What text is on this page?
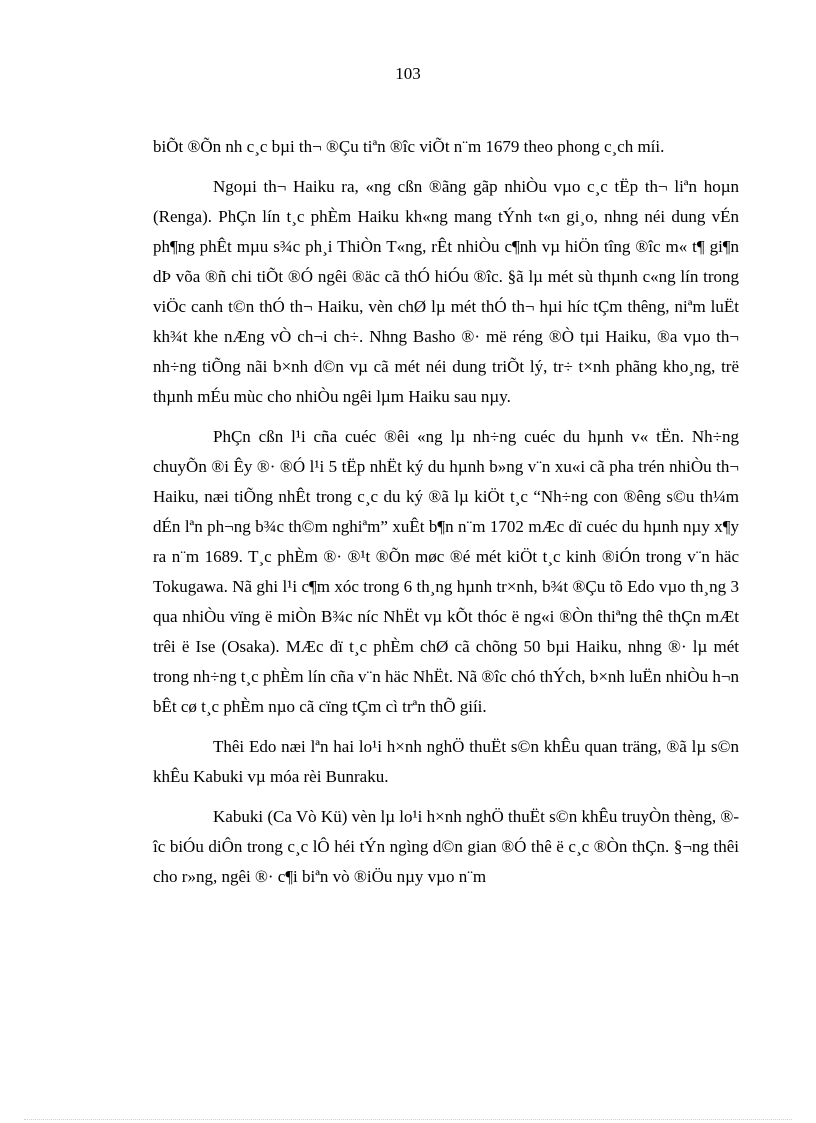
103

biÕt ®Õn nh c¸c bµi th¬ ®Çu tiªn ®îc viÕt n¨m 1679 theo phong c¸ch míi.

Ngoµi th¬ Haiku ra, «ng cßn ®ãng gãp nhiÒu vµo c¸c tËp th¬ liªn hoµn (Renga). PhÇn lín t¸c phÈm Haiku kh«ng mang tÝnh t«n gi¸o, nhng néi dung vÉn ph¶ng phÊt mµu s¾c ph¸i ThiÒn T«ng, rÊt nhiÒu c¶nh vµ hiÖn tîng ®îc m« t¶ gi¶n dÞ võa ®ñ chi tiÕt ®Ó ngêi ®äc cã thÓ hiÓu ®îc. §ã lµ mét sù thµnh c«ng lín trong viÖc canh t©n thÓ th¬ Haiku, vèn chØ lµ mét thÓ th¬ hµi híc tÇm thêng, niªm luËt kh¾t khe nÆng vÒ ch¬i ch÷. Nhng Basho ®· më réng ®Ò tµi Haiku, ®a vµo th¬ nh÷ng tiÕng nãi b×nh d©n vµ cã mét néi dung triÕt lý, tr÷ t×nh phãng kho¸ng, trë thµnh mÉu mùc cho nhiÒu ngêi lµm Haiku sau nµy.

PhÇn cßn l¹i cña cuéc ®êi «ng lµ nh÷ng cuéc du hµnh v« tËn. Nh÷ng chuyÕn ®i Êy ®· ®Ó l¹i 5 tËp nhËt ký du hµnh b»ng v¨n xu«i cã pha trén nhiÒu th¬ Haiku, næi tiÕng nhÊt trong c¸c du ký ®ã lµ kiÖt t¸c “Nh÷ng con ®êng s©u th¼m dÉn lªn ph¬ng b¾c th©m nghiªm” xuÊt b¶n n¨m 1702 mÆc dï cuéc du hµnh nµy x¶y ra n¨m 1689. T¸c phÈm ®· ®¹t ®Õn møc ®é mét kiÖt t¸c kinh ®iÓn trong v¨n häc Tokugawa. Nã ghi l¹i c¶m xóc trong 6 th¸ng hµnh tr×nh, b¾t ®Çu tõ Edo vµo th¸ng 3 qua nhiÒu vïng ë miÒn B¾c níc NhËt vµ kÕt thóc ë ng«i ®Òn thiªng thê thÇn mÆt trêi ë Ise (Osaka). MÆc dï t¸c phÈm chØ cã chõng 50 bµi Haiku, nhng ®· lµ mét trong nh÷ng t¸c phÈm lín cña v¨n häc NhËt. Nã ®îc chó thÝch, b×nh luËn nhiÒu h¬n bÊt cø t¸c phÈm nµo cã cïng tÇm cì trªn thÕ giíi.

Thêi Edo næi lªn hai lo¹i h×nh nghÖ thuËt s©n khÊu quan träng, ®ã lµ s©n khÊu Kabuki vµ móa rèi Bunraku.

Kabuki (Ca Vò Kü) vèn lµ lo¹i h×nh nghÖ thuËt s©n khÊu truyÒn thèng, ®îc biÓu diÔn trong c¸c lÔ héi tÝn ngìng d©n gian ®Ó thê ë c¸c ®Òn thÇn. §¬ng thêi cho r»ng, ngêi ®· c¶i biªn vò ®iÖu nµy vµo n¨m
